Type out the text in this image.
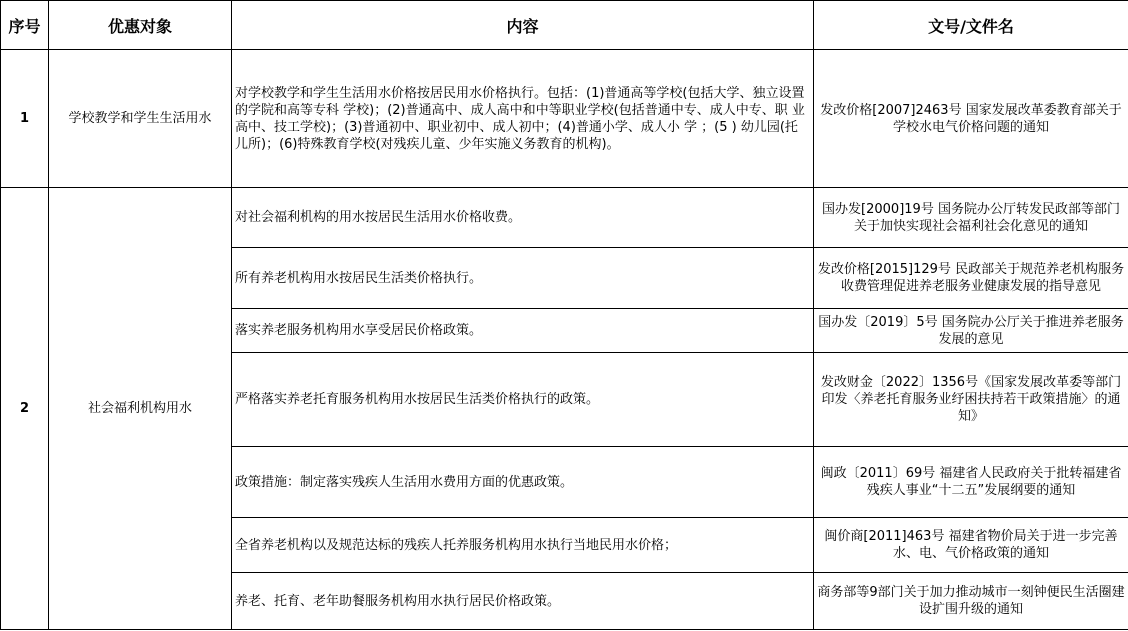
序号	优惠对象	内容	文号/文件名
1	学校教学和学生生活用水	对学校教学和学生生活用水价格按居民用水价格执行。包括：(1)普通高等学校(包括大学、独立设置的学院和高等专科 学校)；(2)普通高中、成人高中和中等职业学校(包括普通中专、成人中专、职 业高中、技工学校)；(3)普通初中、职业初中、成人初中；(4)普通小学、成人小 学 ；(5 ) 幼儿园(托儿所)；(6)特殊教育学校(对残疾儿童、少年实施义务教育的机构)。	发改价格[2007]2463号 国家发展改革委教育部关于学校水电气价格问题的通知
2	社会福利机构用水	对社会福利机构的用水按居民生活用水价格收费。	国办发[2000]19号 国务院办公厅转发民政部等部门关于加快实现社会福利社会化意见的通知
		所有养老机构用水按居民生活类价格执行。	发改价格[2015]129号 民政部关于规范养老机构服务收费管理促进养老服务业健康发展的指导意见
		落实养老服务机构用水享受居民价格政策。	国办发〔2019〕5号 国务院办公厅关于推进养老服务发展的意见
		严格落实养老托育服务机构用水按居民生活类价格执行的政策。	发改财金〔2022〕1356号《国家发展改革委等部门印发〈养老托育服务业纾困扶持若干政策措施〉的通知》
		政策措施：制定落实残疾人生活用水费用方面的优惠政策。	闽政〔2011〕69号 福建省人民政府关于批转福建省残疾人事业“十二五”发展纲要的通知
		全省养老机构以及规范达标的残疾人托养服务机构用水执行当地民用水价格；	闽价商[2011]463号 福建省物价局关于进一步完善水、电、气价格政策的通知
		养老、托育、老年助餐服务机构用水执行居民价格政策。	商务部等9部门关于加力推动城市一刻钟便民生活圈建设扩围升级的通知
